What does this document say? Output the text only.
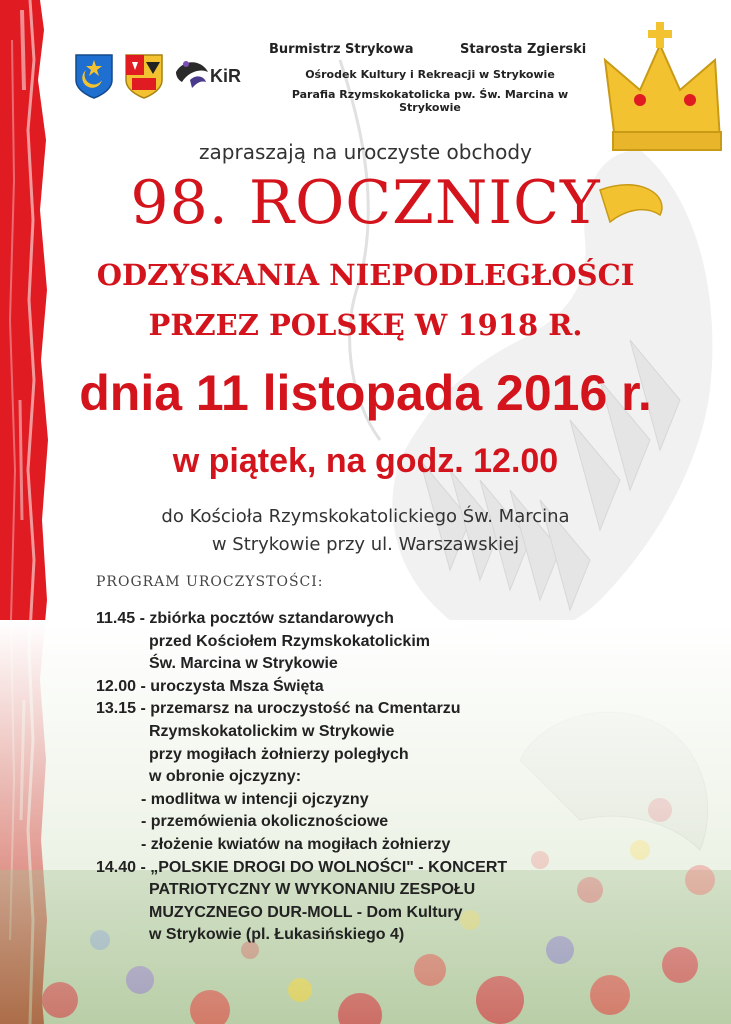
KiR
Burmistrz Strykowa	Starosta Zgierski
Ośrodek Kultury i Rekreacji w Strykowie
Parafia Rzymskokatolicka pw. Św. Marcina w Strykowie
zapraszają na uroczyste obchody
98. ROCZNICY
ODZYSKANIA NIEPODLEGŁOŚCI
PRZEZ POLSKĘ W 1918 R.
dnia 11 listopada 2016 r.
w piątek, na godz. 12.00
do Kościoła Rzymskokatolickiego Św. Marcina
w Strykowie przy ul. Warszawskiej
PROGRAM UROCZYSTOŚCI:
11.45 - zbiórka pocztów sztandarowych
przed Kościołem Rzymskokatolickim
Św. Marcina w Strykowie
12.00 - uroczysta Msza Święta
13.15 - przemarsz na uroczystość na Cmentarzu
Rzymskokatolickim w Strykowie
przy mogiłach żołnierzy poległych
w obronie ojczyzny:
- modlitwa w intencji ojczyzny
- przemówienia okolicznościowe
- złożenie kwiatów na mogiłach żołnierzy
14.40 - „POLSKIE DROGI DO WOLNOŚCI" - KONCERT
PATRIOTYCZNY W WYKONANIU ZESPOŁU
MUZYCZNEGO DUR-MOLL - Dom Kultury
w Strykowie (pl. Łukasińskiego 4)
